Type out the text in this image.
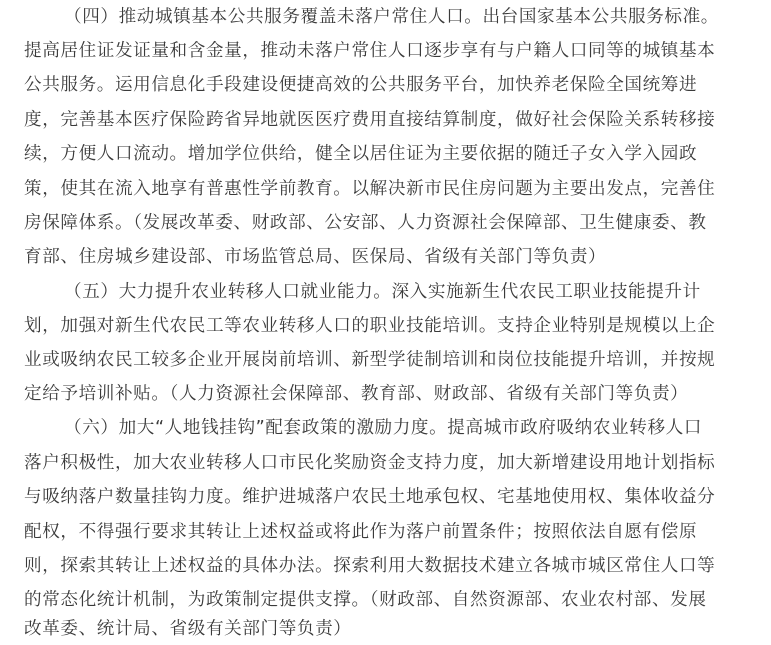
（四）推动城镇基本公共服务覆盖未落户常住人口。出台国家基本公共服务标准。
提高居住证发证量和含金量，推动未落户常住人口逐步享有与户籍人口同等的城镇基本
公共服务。运用信息化手段建设便捷高效的公共服务平台，加快养老保险全国统筹进
度，完善基本医疗保险跨省异地就医医疗费用直接结算制度，做好社会保险关系转移接
续，方便人口流动。增加学位供给，健全以居住证为主要依据的随迁子女入学入园政
策，使其在流入地享有普惠性学前教育。以解决新市民住房问题为主要出发点，完善住
房保障体系。（发展改革委、财政部、公安部、人力资源社会保障部、卫生健康委、教
育部、住房城乡建设部、市场监管总局、医保局、省级有关部门等负责）
（五）大力提升农业转移人口就业能力。深入实施新生代农民工职业技能提升计
划，加强对新生代农民工等农业转移人口的职业技能培训。支持企业特别是规模以上企
业或吸纳农民工较多企业开展岗前培训、新型学徒制培训和岗位技能提升培训，并按规
定给予培训补贴。（人力资源社会保障部、教育部、财政部、省级有关部门等负责）
（六）加大“人地钱挂钩”配套政策的激励力度。提高城市政府吸纳农业转移人口
落户积极性，加大农业转移人口市民化奖励资金支持力度，加大新增建设用地计划指标
与吸纳落户数量挂钩力度。维护进城落户农民土地承包权、宅基地使用权、集体收益分
配权，不得强行要求其转让上述权益或将此作为落户前置条件；按照依法自愿有偿原
则，探索其转让上述权益的具体办法。探索利用大数据技术建立各城市城区常住人口等
的常态化统计机制，为政策制定提供支撑。（财政部、自然资源部、农业农村部、发展
改革委、统计局、省级有关部门等负责）
